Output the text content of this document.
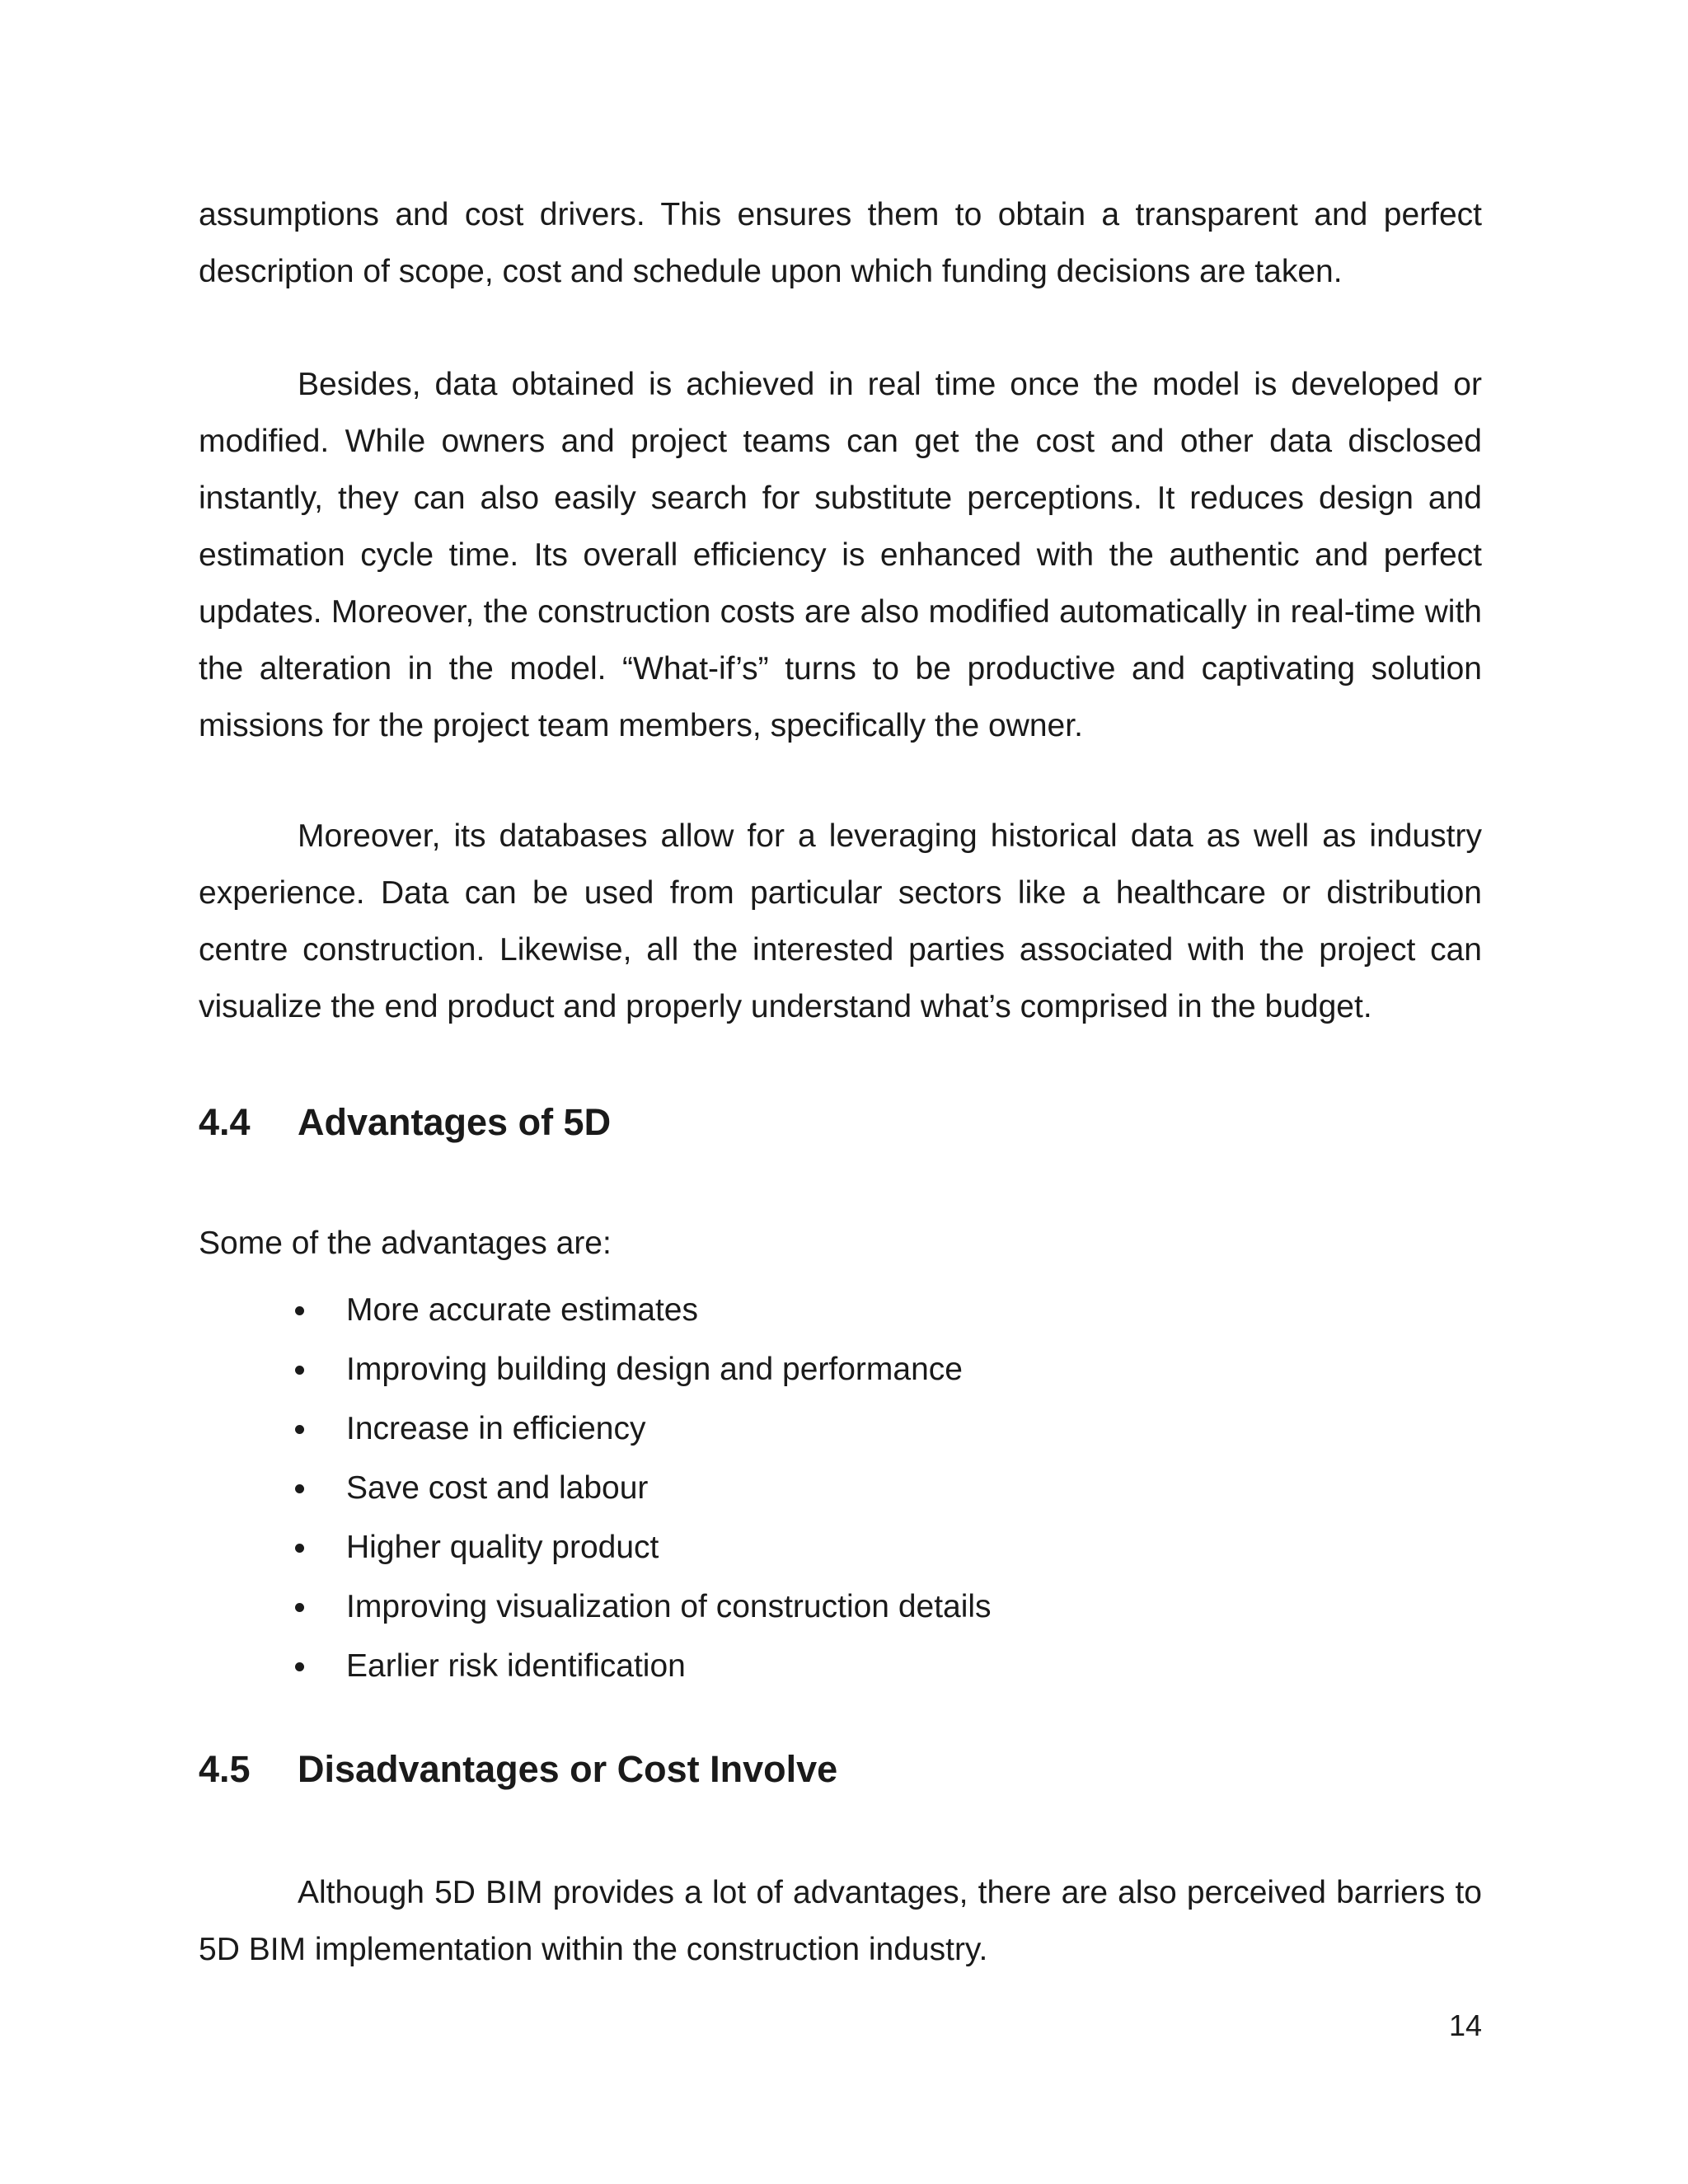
assumptions and cost drivers. This ensures them to obtain a transparent and perfect description of scope, cost and schedule upon which funding decisions are taken.

Besides, data obtained is achieved in real time once the model is developed or modified. While owners and project teams can get the cost and other data disclosed instantly, they can also easily search for substitute perceptions. It reduces design and estimation cycle time. Its overall efficiency is enhanced with the authentic and perfect updates. Moreover, the construction costs are also modified automatically in real-time with the alteration in the model. “What-if’s” turns to be productive and captivating solution missions for the project team members, specifically the owner.

Moreover, its databases allow for a leveraging historical data as well as industry experience. Data can be used from particular sectors like a healthcare or distribution centre construction. Likewise, all the interested parties associated with the project can visualize the end product and properly understand what’s comprised in the budget.

4.4 Advantages of 5D

Some of the advantages are:

More accurate estimates
Improving building design and performance
Increase in efficiency
Save cost and labour
Higher quality product
Improving visualization of construction details
Earlier risk identification
4.5 Disadvantages or Cost Involve

Although 5D BIM provides a lot of advantages, there are also perceived barriers to 5D BIM implementation within the construction industry.

14
